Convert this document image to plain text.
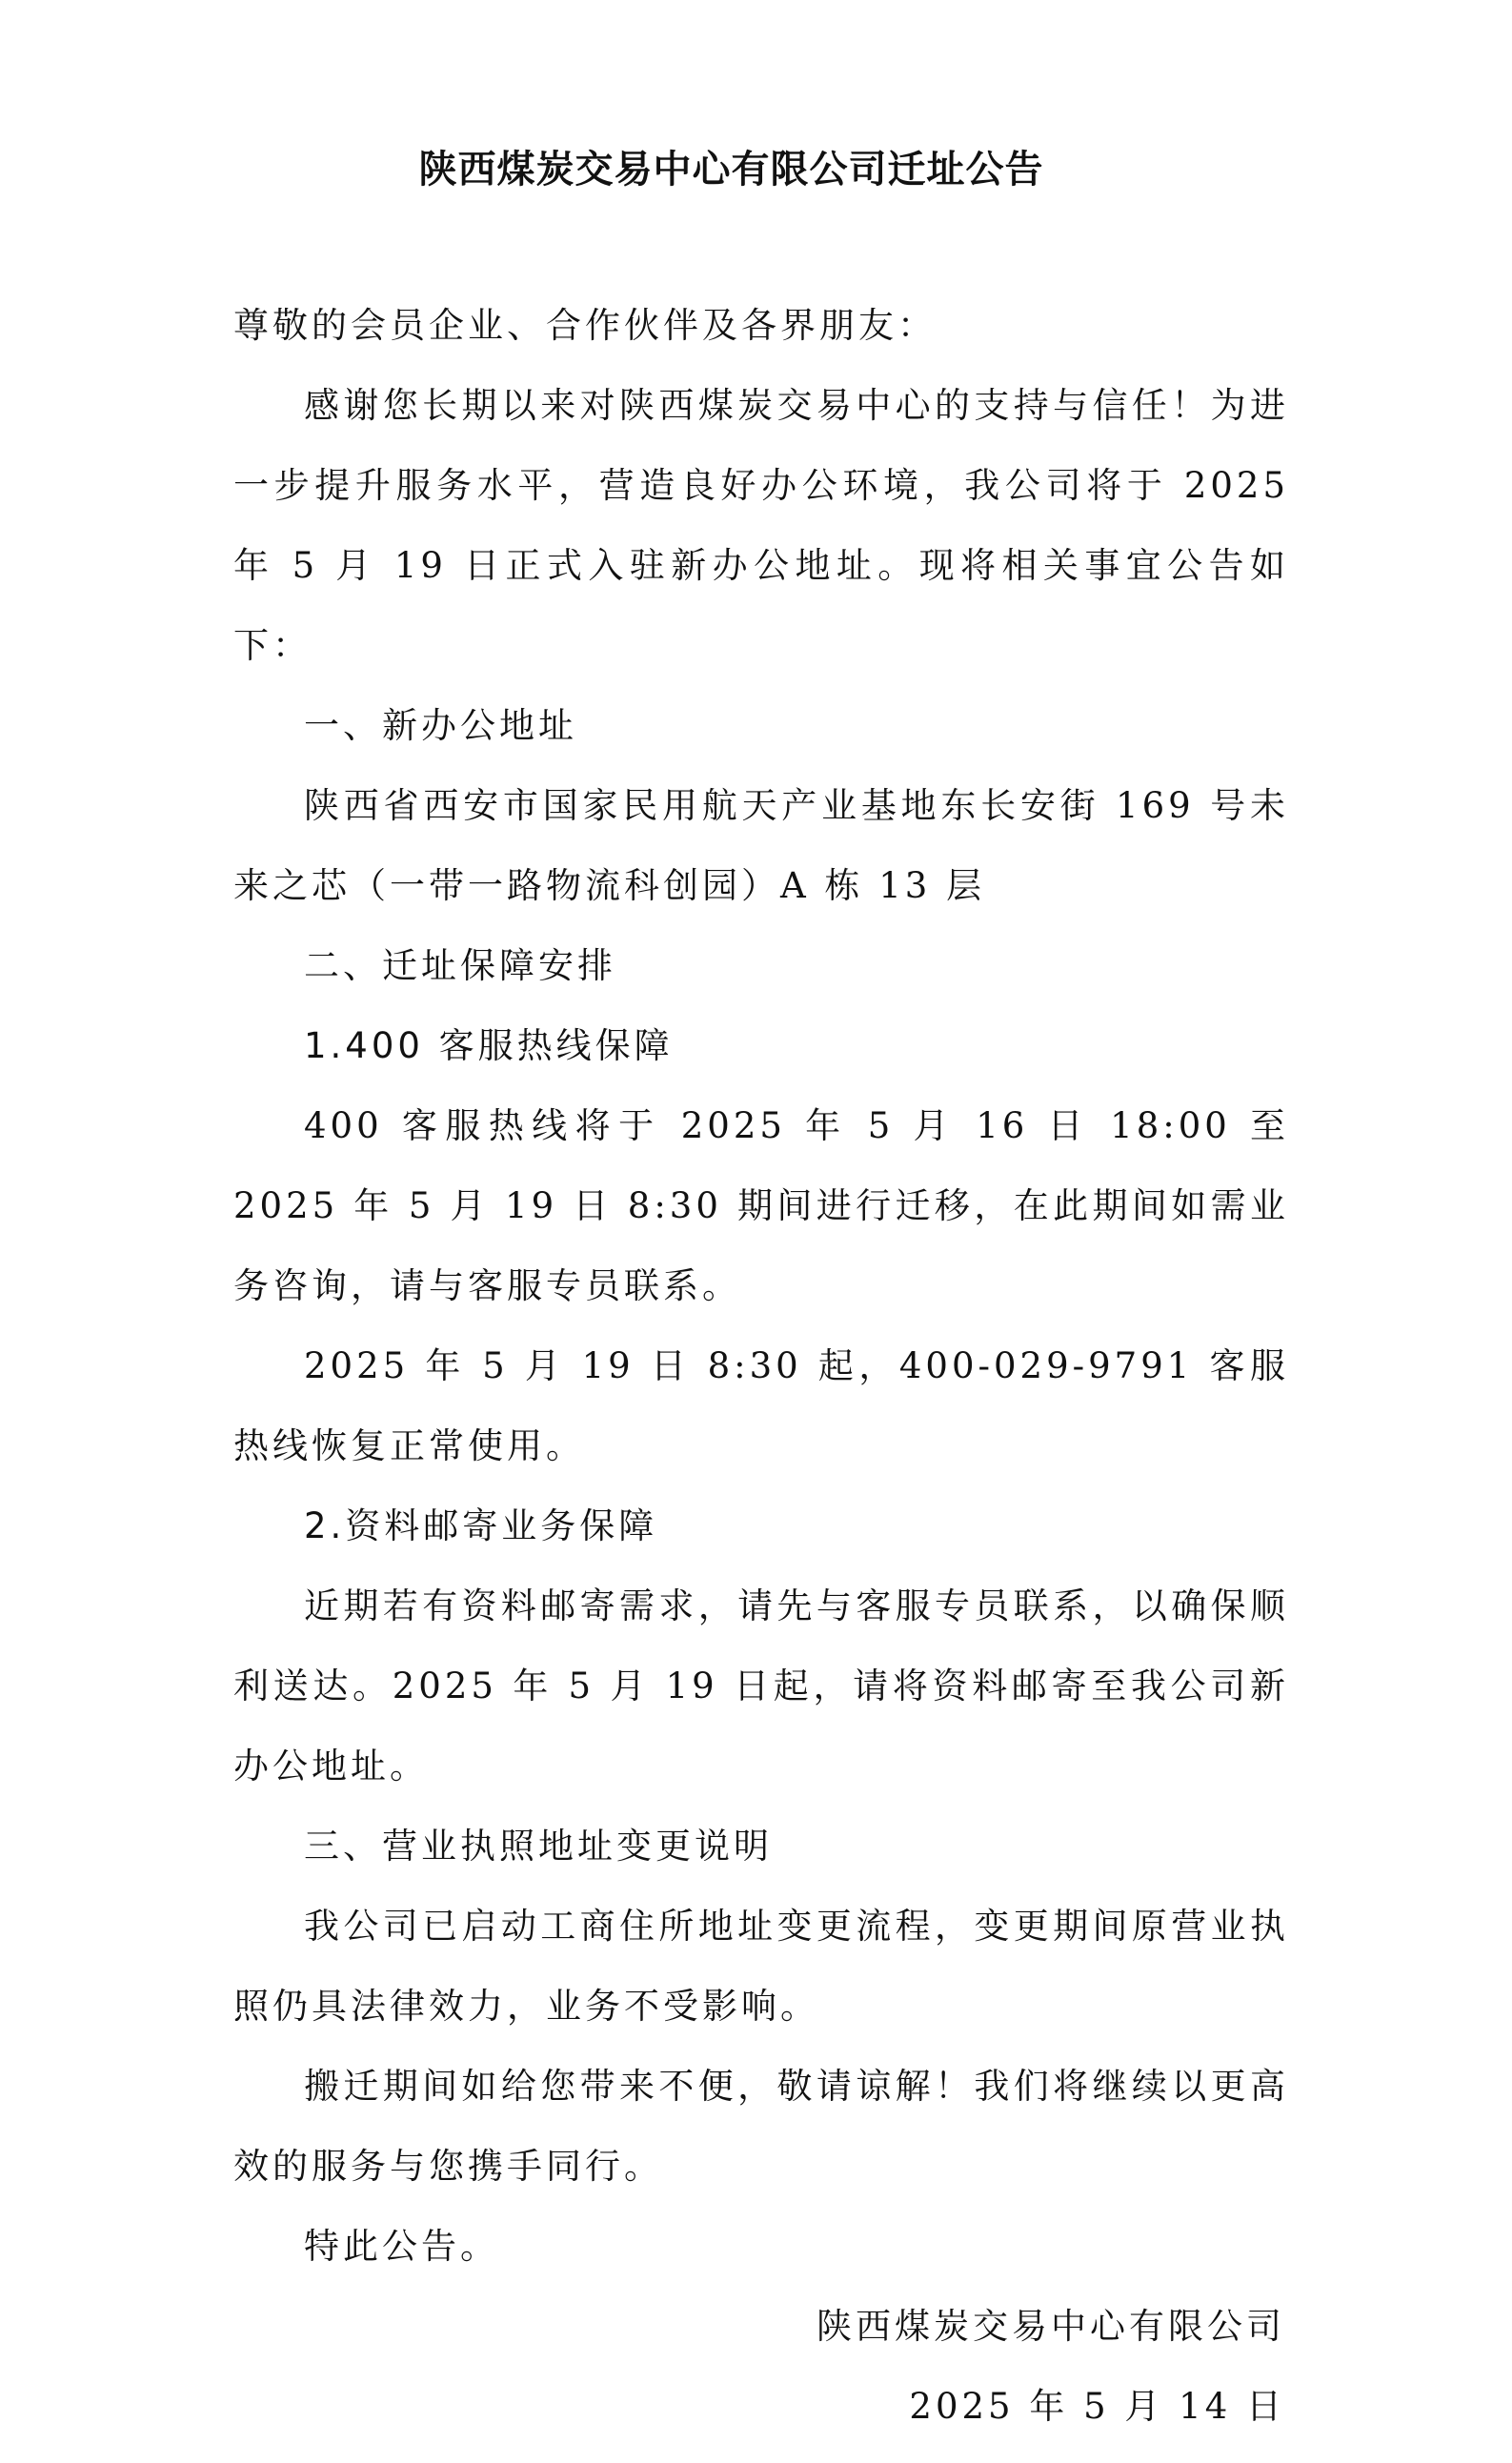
陕西煤炭交易中心有限公司迁址公告

尊敬的会员企业、合作伙伴及各界朋友：

感谢您长期以来对陕西煤炭交易中心的支持与信任！为进一步提升服务水平，营造良好办公环境，我公司将于 2025 年 5 月 19 日正式入驻新办公地址。现将相关事宜公告如下：

一、新办公地址

陕西省西安市国家民用航天产业基地东长安街 169 号未来之芯（一带一路物流科创园）A 栋 13 层

二、迁址保障安排

1.400 客服热线保障

400 客服热线将于 2025 年 5 月 16 日 18:00 至 2025 年 5 月 19 日 8:30 期间进行迁移，在此期间如需业务咨询，请与客服专员联系。

2025 年 5 月 19 日 8:30 起，400-029-9791 客服热线恢复正常使用。

2.资料邮寄业务保障

近期若有资料邮寄需求，请先与客服专员联系，以确保顺利送达。2025 年 5 月 19 日起，请将资料邮寄至我公司新办公地址。

三、营业执照地址变更说明

我公司已启动工商住所地址变更流程，变更期间原营业执照仍具法律效力，业务不受影响。

搬迁期间如给您带来不便，敬请谅解！我们将继续以更高效的服务与您携手同行。

特此公告。

陕西煤炭交易中心有限公司

2025 年 5 月 14 日
